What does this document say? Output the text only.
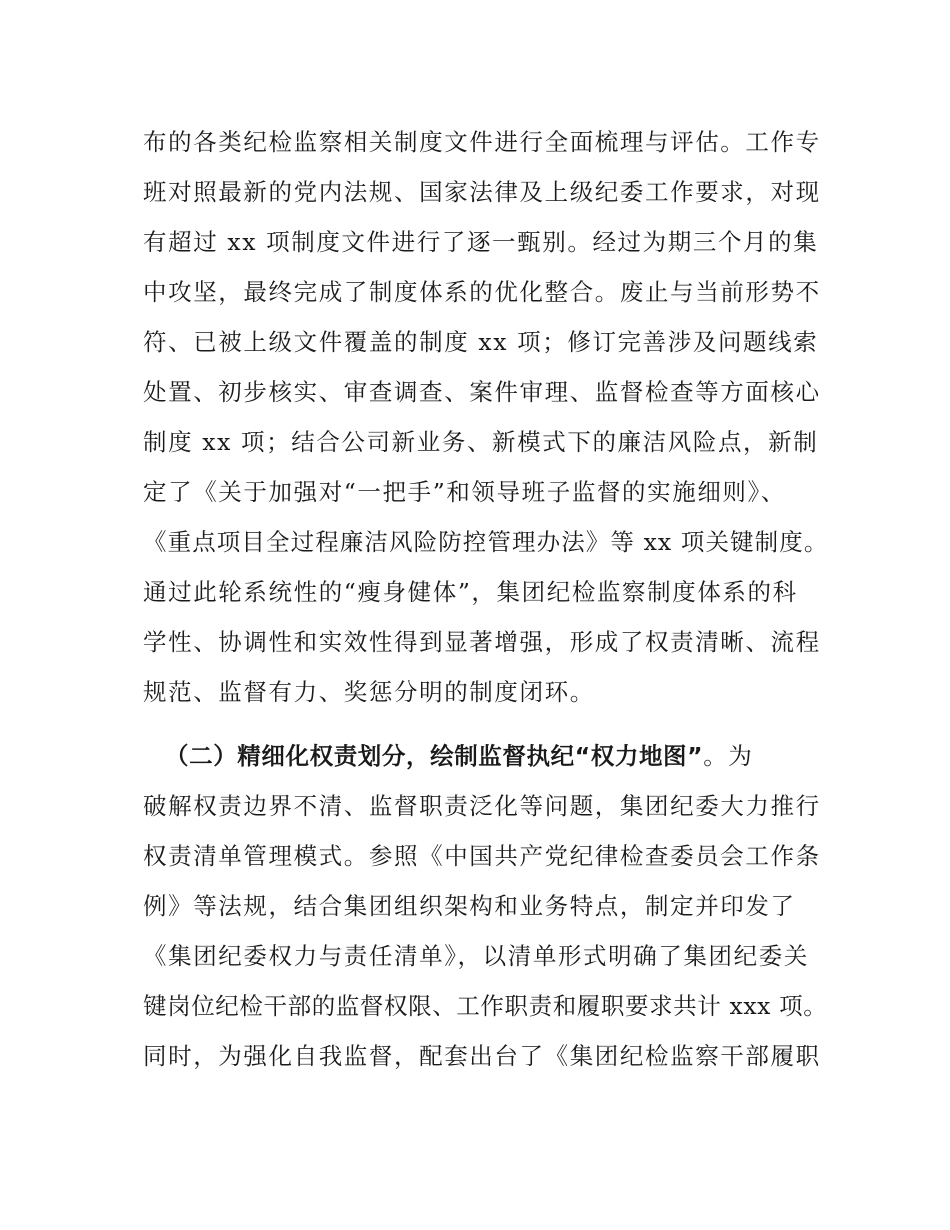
布的各类纪检监察相关制度文件进行全面梳理与评估。工作专
班对照最新的党内法规、国家法律及上级纪委工作要求，对现
有超过 xx 项制度文件进行了逐一甄别。经过为期三个月的集
中攻坚，最终完成了制度体系的优化整合。废止与当前形势不
符、已被上级文件覆盖的制度 xx 项；修订完善涉及问题线索
处置、初步核实、审查调查、案件审理、监督检查等方面核心
制度 xx 项；结合公司新业务、新模式下的廉洁风险点，新制
定了《关于加强对“一把手”和领导班子监督的实施细则》、
《重点项目全过程廉洁风险防控管理办法》等 xx 项关键制度。
通过此轮系统性的“瘦身健体”，集团纪检监察制度体系的科
学性、协调性和实效性得到显著增强，形成了权责清晰、流程
规范、监督有力、奖惩分明的制度闭环。
（二）精细化权责划分，绘制监督执纪“权力地图”。为
破解权责边界不清、监督职责泛化等问题，集团纪委大力推行
权责清单管理模式。参照《中国共产党纪律检查委员会工作条
例》等法规，结合集团组织架构和业务特点，制定并印发了
《集团纪委权力与责任清单》，以清单形式明确了集团纪委关
键岗位纪检干部的监督权限、工作职责和履职要求共计 xxx 项。
同时，为强化自我监督，配套出台了《集团纪检监察干部履职
